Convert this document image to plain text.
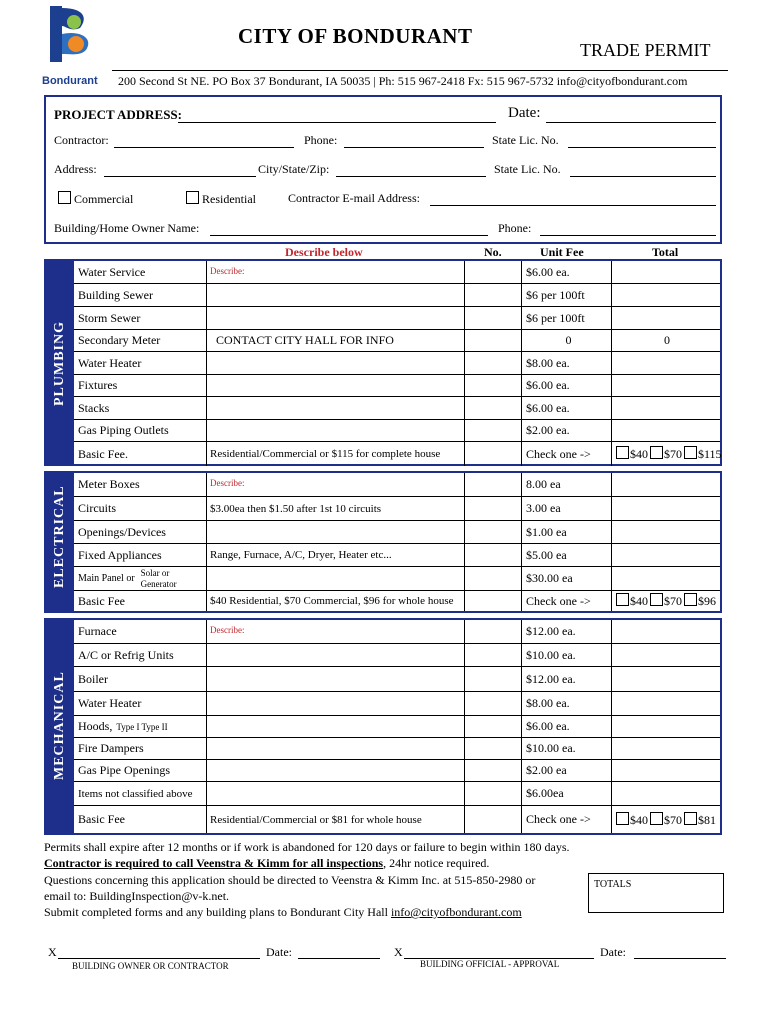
Bondurant
CITY OF BONDURANT
TRADE PERMIT
200 Second St NE. PO Box 37 Bondurant, IA 50035 | Ph: 515 967-2418 Fx: 515 967-5732 info@cityofbondurant.com
PROJECT ADDRESS:	Date:
Contractor:	Phone:	State Lic. No.
Address:	City/State/Zip:	State Lic. No.
Commercial	Residential	Contractor E-mail Address:
Building/Home Owner Name:	Phone:
Describe below	No.	Unit Fee	Total
PLUMBING
Water Service	Describe:	$6.00 ea.
Building Sewer	$6 per 100ft
Storm Sewer	$6 per 100ft
Secondary Meter	CONTACT CITY HALL FOR INFO	0	0
Water Heater	$8.00 ea.
Fixtures	$6.00 ea.
Stacks	$6.00 ea.
Gas Piping Outlets	$2.00 ea.
Basic Fee.	Residential/Commercial or $115 for complete house	Check one ->	$40	$70	$115
ELECTRICAL
Meter Boxes	Describe:	8.00 ea
Circuits	$3.00ea then $1.50 after 1st 10 circuits	3.00 ea
Openings/Devices	$1.00 ea
Fixed Appliances	Range, Furnace, A/C, Dryer, Heater etc...	$5.00 ea
Main Panel or
Solar or
Generator	$30.00 ea
Basic Fee	$40 Residential, $70 Commercial, $96 for whole house	Check one ->	$40	$70	$96
MECHANICAL
Furnace	Describe:	$12.00 ea.
A/C or Refrig Units	$10.00 ea.
Boiler	$12.00 ea.
Water Heater	$8.00 ea.
Hoods, Type I Type II	$6.00 ea.
Fire Dampers	$10.00 ea.
Gas Pipe Openings	$2.00 ea
Items not classified above	$6.00ea
Basic Fee	Residential/Commercial or $81 for whole house	Check one ->	$40	$70	$81
Permits shall expire after 12 months or if work is abandoned for 120 days or failure to begin within 180 days.
Contractor is required to call Veenstra & Kimm for all inspections, 24hr notice required.
Questions concerning this application should be directed to Veenstra & Kimm Inc. at 515-850-2980 or
email to: BuildingInspection@v-k.net.
Submit completed forms and any building plans to Bondurant City Hall info@cityofbondurant.com
TOTALS
X	Date:
BUILDING OWNER OR CONTRACTOR
X	Date:
BUILDING OFFICIAL - APPROVAL
